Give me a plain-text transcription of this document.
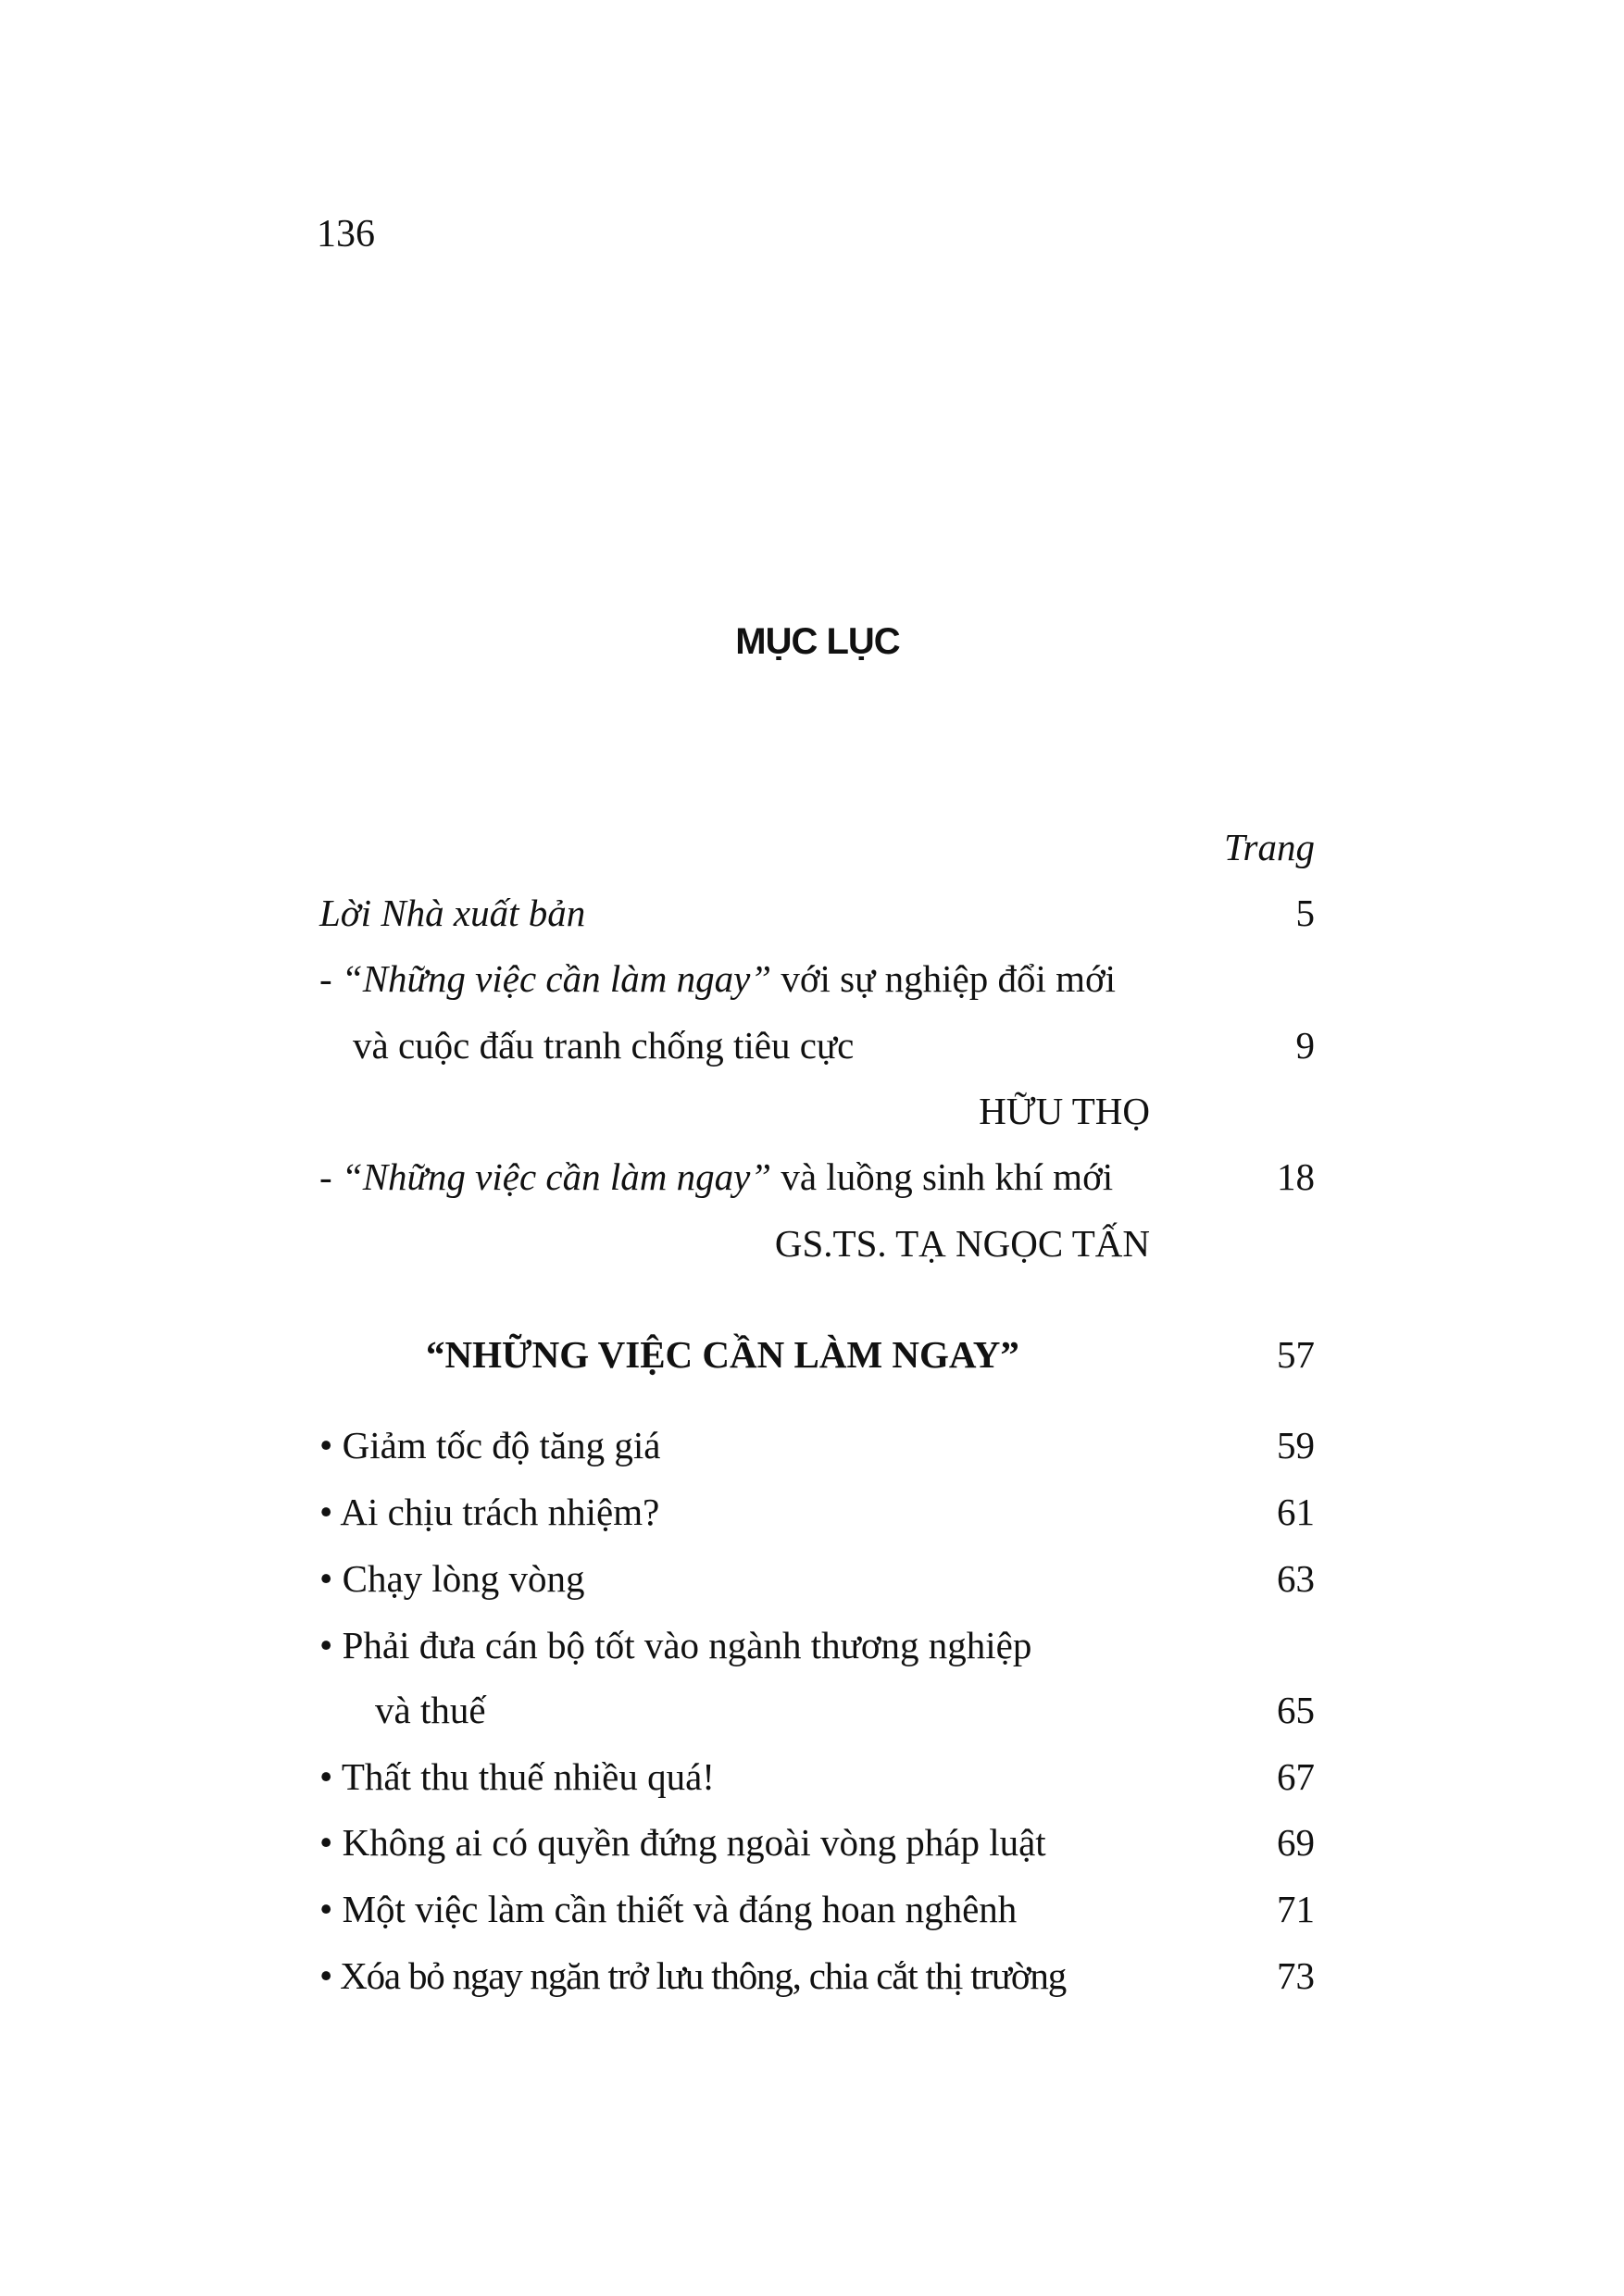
136
MỤC LỤC
Trang
Lời Nhà xuất bản	5
- “Những việc cần làm ngay” với sự nghiệp đổi mới
và cuộc đấu tranh chống tiêu cực	9
HỮU THỌ
- “Những việc cần làm ngay” và luồng sinh khí mới	18
GS.TS. TẠ NGỌC TẤN
“NHỮNG VIỆC CẦN LÀM NGAY”	57
• Giảm tốc độ tăng giá	59
• Ai chịu trách nhiệm?	61
• Chạy lòng vòng	63
• Phải đưa cán bộ tốt vào ngành thương nghiệp
và thuế	65
• Thất thu thuế nhiều quá!	67
• Không ai có quyền đứng ngoài vòng pháp luật	69
• Một việc làm cần thiết và đáng hoan nghênh	71
• Xóa bỏ ngay ngăn trở lưu thông, chia cắt thị trường	73
